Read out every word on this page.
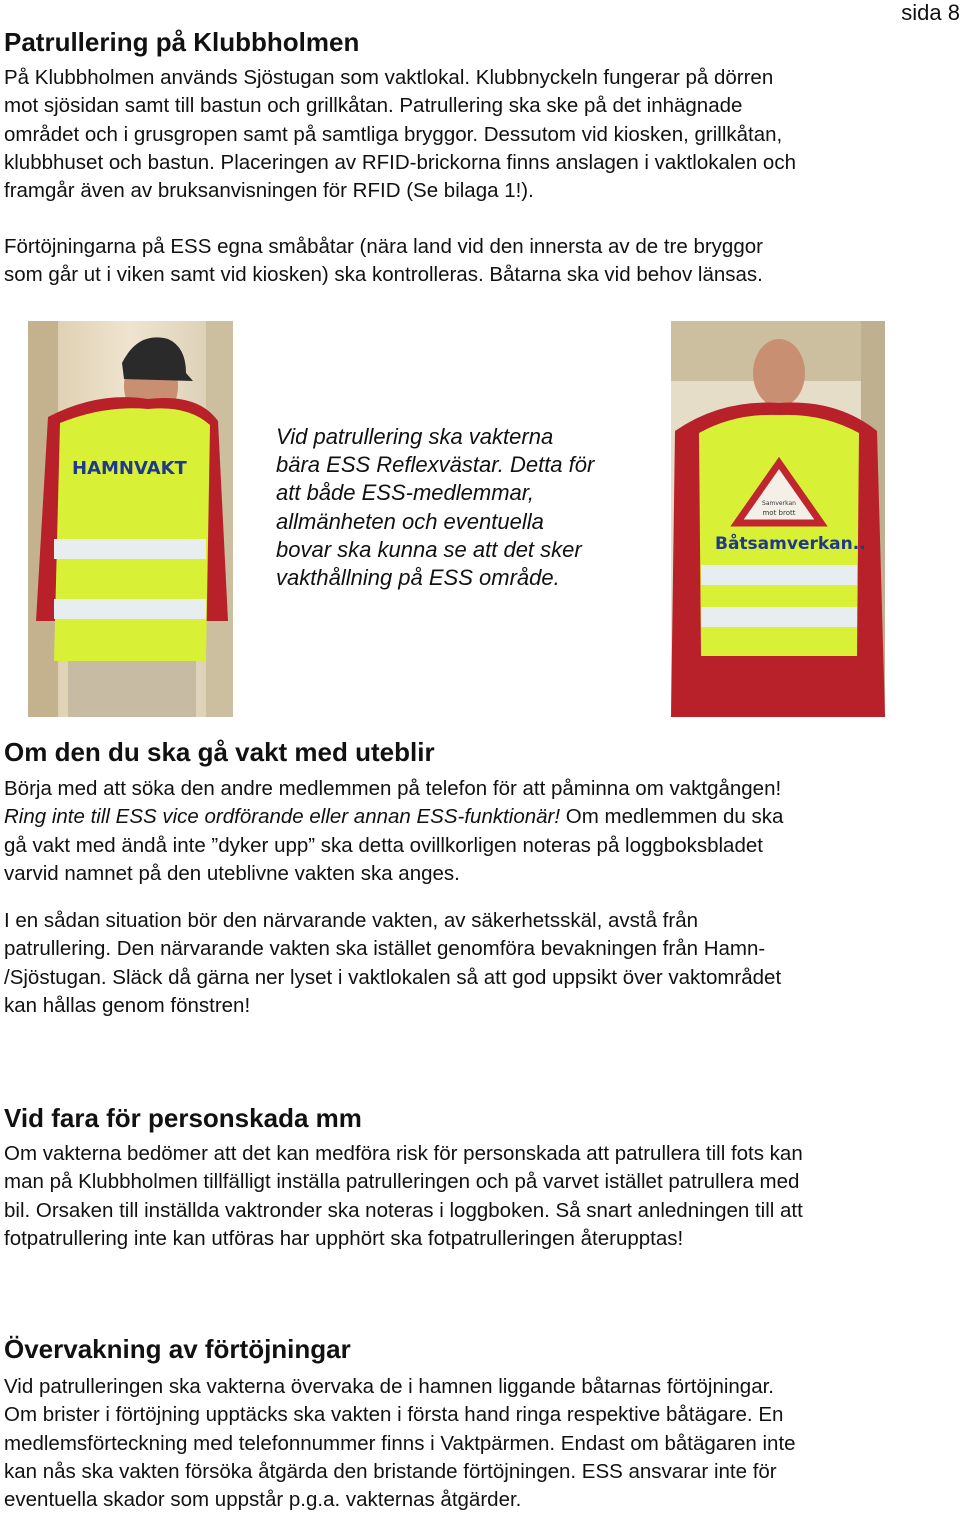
sida 8
Patrullering på Klubbholmen
På Klubbholmen används Sjöstugan som vaktlokal. Klubbnyckeln fungerar på dörren
mot sjösidan samt till bastun och grillkåtan. Patrullering ska ske på det inhägnade
området och i grusgropen samt på samtliga bryggor. Dessutom vid kiosken, grillkåtan,
klubbhuset och bastun. Placeringen av RFID-brickorna finns anslagen i vaktlokalen och
framgår även av bruksanvisningen för RFID (Se bilaga 1!).
Förtöjningarna på ESS egna småbåtar (nära land vid den innersta av de tre bryggor
som går ut i viken samt vid kiosken) ska kontrolleras. Båtarna ska vid behov länsas.
HAMNVAKT
Vid patrullering ska vakterna
bära ESS Reflexvästar. Detta för
att både ESS-medlemmar,
allmänheten och eventuella
bovar ska kunna se att det sker
vakthållning på ESS område.
Samverkan
mot brott
Båtsamverkan..
Om den du ska gå vakt med uteblir
Börja med att söka den andre medlemmen på telefon för att påminna om vaktgången!
Ring inte till ESS vice ordförande eller annan ESS-funktionär! Om medlemmen du ska
gå vakt med ändå inte ”dyker upp” ska detta ovillkorligen noteras på loggboksbladet
varvid namnet på den uteblivne vakten ska anges.
I en sådan situation bör den närvarande vakten, av säkerhetsskäl, avstå från
patrullering. Den närvarande vakten ska istället genomföra bevakningen från Hamn-
/Sjöstugan. Släck då gärna ner lyset i vaktlokalen så att god uppsikt över vaktområdet
kan hållas genom fönstren!
Vid fara för personskada mm
Om vakterna bedömer att det kan medföra risk för personskada att patrullera till fots kan
man på Klubbholmen tillfälligt inställa patrulleringen och på varvet istället patrullera med
bil. Orsaken till inställda vaktronder ska noteras i loggboken. Så snart anledningen till att
fotpatrullering inte kan utföras har upphört ska fotpatrulleringen återupptas!
Övervakning av förtöjningar
Vid patrulleringen ska vakterna övervaka de i hamnen liggande båtarnas förtöjningar.
Om brister i förtöjning upptäcks ska vakten i första hand ringa respektive båtägare. En
medlemsförteckning med telefonnummer finns i Vaktpärmen. Endast om båtägaren inte
kan nås ska vakten försöka åtgärda den bristande förtöjningen. ESS ansvarar inte för
eventuella skador som uppstår p.g.a. vakternas åtgärder.
